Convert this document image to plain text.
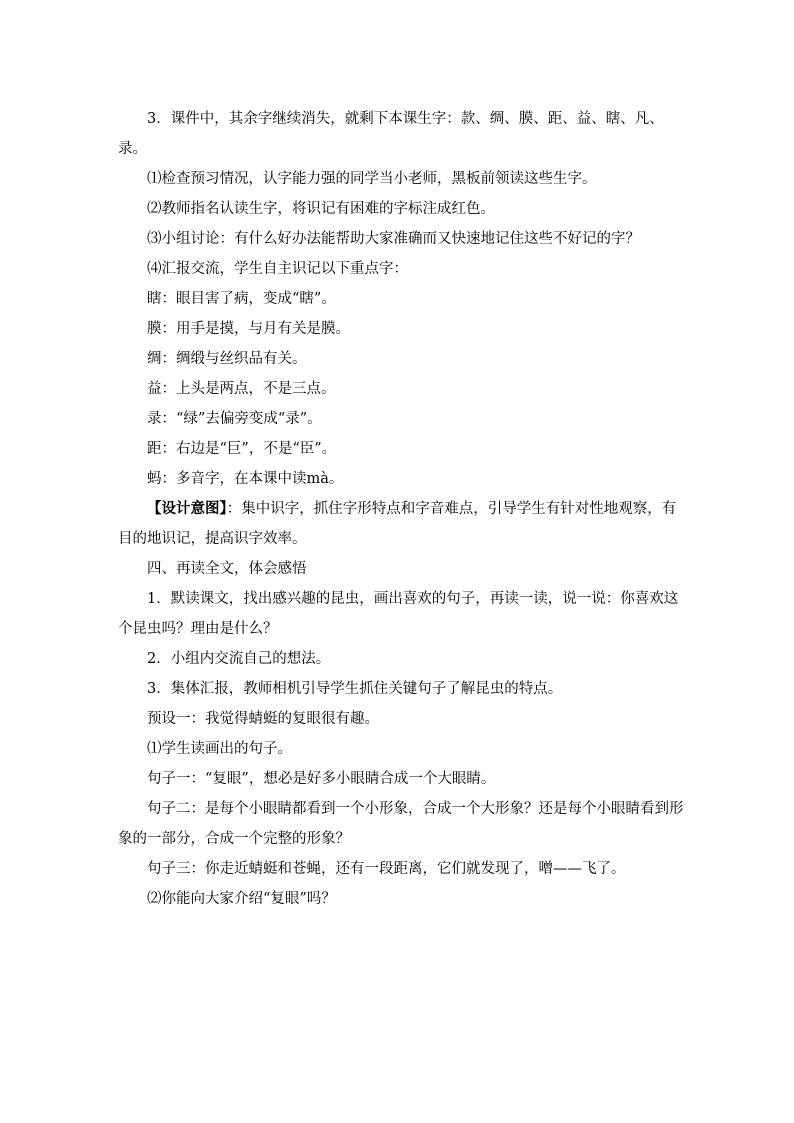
3．课件中，其余字继续消失，就剩下本课生字：款、绸、膜、距、益、瞎、凡、录。

⑴检查预习情况，认字能力强的同学当小老师，黑板前领读这些生字。

⑵教师指名认读生字，将识记有困难的字标注成红色。

⑶小组讨论：有什么好办法能帮助大家准确而又快速地记住这些不好记的字？

⑷汇报交流，学生自主识记以下重点字：

瞎：眼目害了病，变成“瞎”。

膜：用手是摸，与月有关是膜。

绸：绸缎与丝织品有关。

益：上头是两点，不是三点。

录：“绿”去偏旁变成“录”。

距：右边是“巨”，不是“臣”。

蚂：多音字，在本课中读mà。

【设计意图】：集中识字，抓住字形特点和字音难点，引导学生有针对性地观察，有目的地识记，提高识字效率。

四、再读全文，体会感悟

1．默读课文，找出感兴趣的昆虫，画出喜欢的句子，再读一读，说一说：你喜欢这个昆虫吗？理由是什么？

2．小组内交流自己的想法。

3．集体汇报，教师相机引导学生抓住关键句子了解昆虫的特点。

预设一：我觉得蜻蜓的复眼很有趣。

⑴学生读画出的句子。

句子一：“复眼”，想必是好多小眼睛合成一个大眼睛。

句子二：是每个小眼睛都看到一个小形象，合成一个大形象？还是每个小眼睛看到形象的一部分，合成一个完整的形象？

句子三：你走近蜻蜓和苍蝇，还有一段距离，它们就发现了，噌——飞了。

⑵你能向大家介绍“复眼”吗？
